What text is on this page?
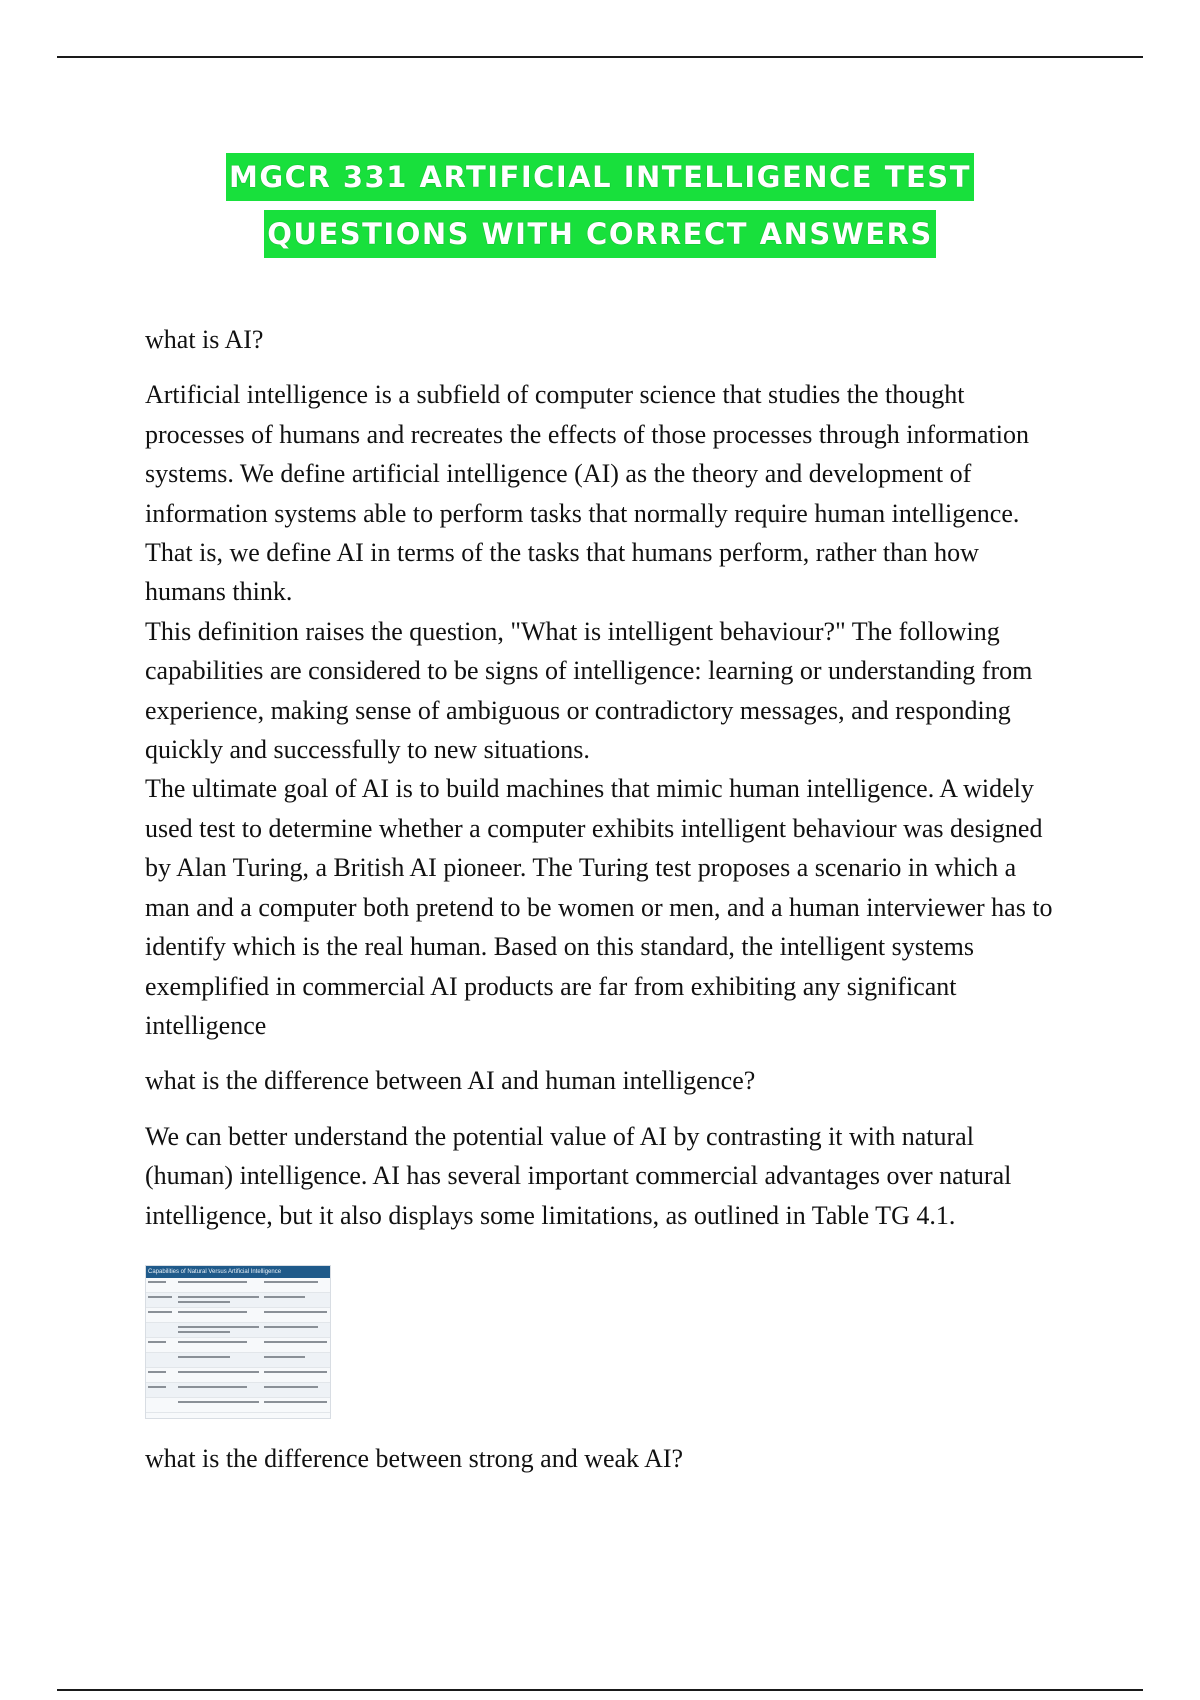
MGCR 331 ARTIFICIAL INTELLIGENCE TEST
QUESTIONS WITH CORRECT ANSWERS
what is AI?

Artificial intelligence is a subfield of computer science that studies the thought processes of humans and recreates the effects of those processes through information systems. We define artificial intelligence (AI) as the theory and development of information systems able to perform tasks that normally require human intelligence. That is, we define AI in terms of the tasks that humans perform, rather than how humans think.

This definition raises the question, "What is intelligent behaviour?" The following capabilities are considered to be signs of intelligence: learning or understanding from experience, making sense of ambiguous or contradictory messages, and responding quickly and successfully to new situations.

The ultimate goal of AI is to build machines that mimic human intelligence. A widely used test to determine whether a computer exhibits intelligent behaviour was designed by Alan Turing, a British AI pioneer. The Turing test proposes a scenario in which a man and a computer both pretend to be women or men, and a human interviewer has to identify which is the real human. Based on this standard, the intelligent systems exemplified in commercial AI products are far from exhibiting any significant intelligence

what is the difference between AI and human intelligence?

We can better understand the potential value of AI by contrasting it with natural (human) intelligence. AI has several important commercial advantages over natural intelligence, but it also displays some limitations, as outlined in Table TG 4.1.

Capabilities of Natural Versus Artificial Intelligence
what is the difference between strong and weak AI?
